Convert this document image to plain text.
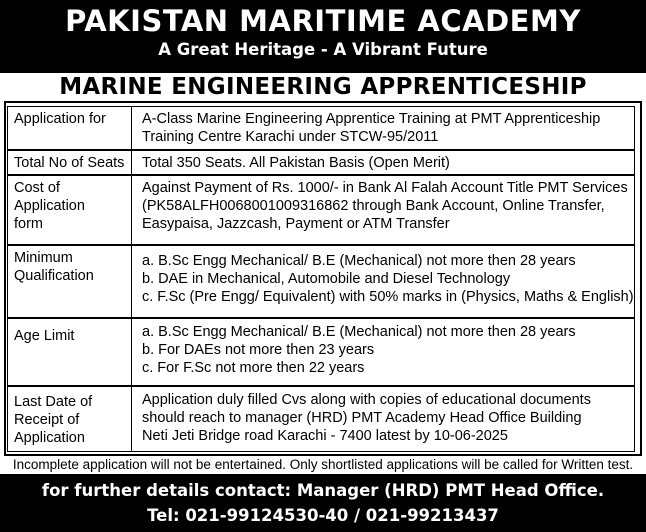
PAKISTAN MARITIME ACADEMY
A Great Heritage - A Vibrant Future
MARINE ENGINEERING APPRENTICESHIP
Application for	A-Class Marine Engineering Apprentice Training at PMT Apprenticeship
Training Centre Karachi under STCW-95/2011
Total No of Seats Total 350 Seats. All Pakistan Basis (Open Merit)
Cost of
Application
form
Against Payment of Rs. 1000/- in Bank Al Falah Account Title PMT Services
(PK58ALFH0068001009316862 through Bank Account, Online Transfer,
Easypaisa, Jazzcash, Payment or ATM Transfer
Minimum
Qualification
a. B.Sc Engg Mechanical/ B.E (Mechanical) not more then 28 years
b. DAE in Mechanical, Automobile and Diesel Technology
c. F.Sc (Pre Engg/ Equivalent) with 50% marks in (Physics, Maths & English)
Age Limit	a. B.Sc Engg Mechanical/ B.E (Mechanical) not more then 28 years
b. For DAEs not more then 23 years
c. For F.Sc not more then 22 years
Last Date of
Receipt of
Application
Application duly filled Cvs along with copies of educational documents
should reach to manager (HRD) PMT Academy Head Office Building
Neti Jeti Bridge road Karachi - 7400 latest by 10-06-2025
Incomplete application will not be entertained. Only shortlisted applications will be called for Written test.
for further details contact: Manager (HRD) PMT Head Office.
Tel: 021-99124530-40 / 021-99213437
